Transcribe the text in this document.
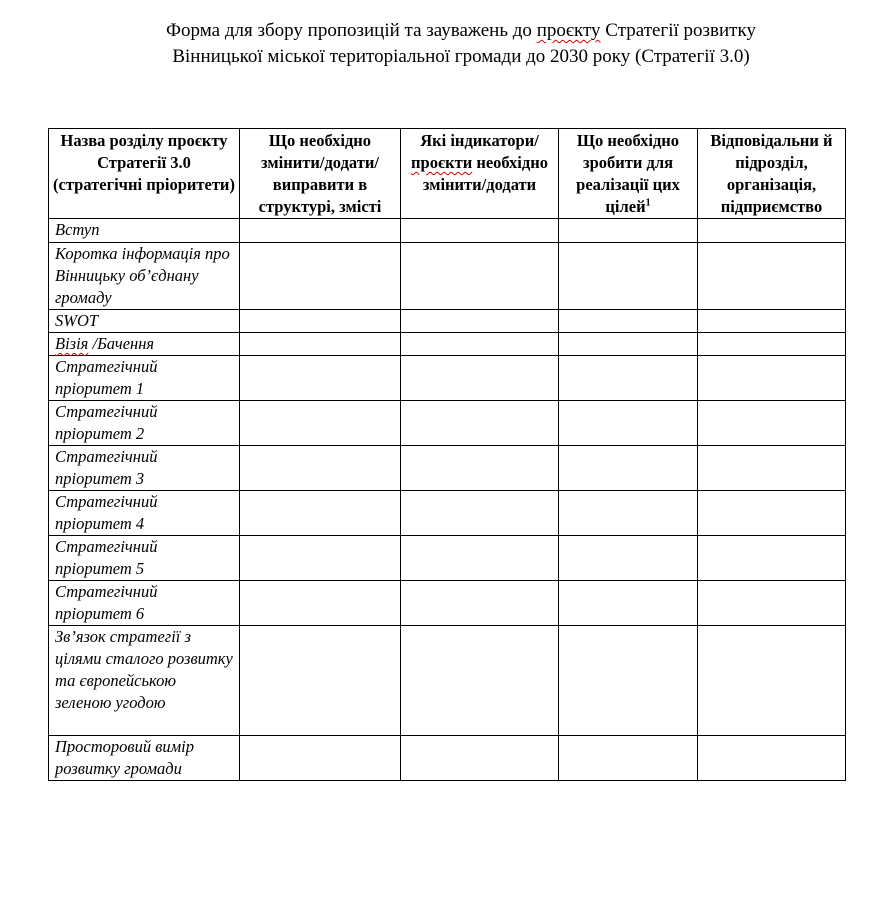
Форма для збору пропозицій та зауважень до проєкту Стратегії розвитку
Вінницької міської територіальної громади до 2030 року (Стратегії 3.0)
Назва розділу проєкту Стратегії 3.0 (стратегічні пріоритети)	Що необхідно змінити/додати/ виправити в структурі, змісті	Які індикатори/ проєкти необхідно змінити/додати	Що необхідно зробити для реалізації цих цілей$^1$	Відповідальни й підрозділ, організація, підприємство
Вступ				
Коротка інформація про Вінницьку об’єднану громаду				
SWOT				
Візія /Бачення				
Стратегічний пріоритет 1				
Стратегічний пріоритет 2				
Стратегічний пріоритет 3				
Стратегічний пріоритет 4				
Стратегічний пріоритет 5				
Стратегічний пріоритет 6				
Зв’язок стратегії з цілями сталого розвитку та європейською зеленою угодою				
Просторовий вимір розвитку громади				
